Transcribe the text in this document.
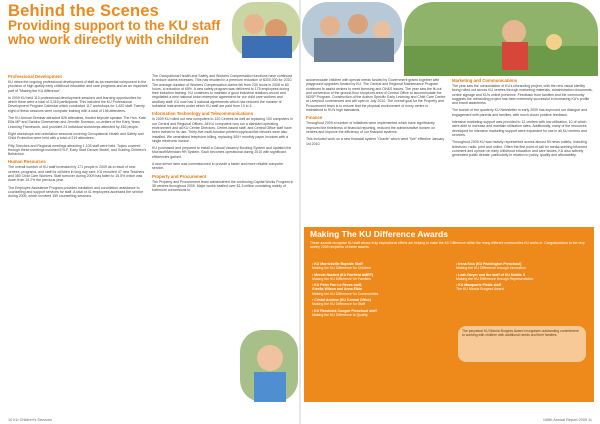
Behind the Scenes
Providing support to the KU staff
who work directly with children
Professional Development

KU views the ongoing professional development of staff as an essential component in the provision of high quality early childhood education and care programs and as an important part of "Making the KU difference".

In 2009 KU held 110 professional development sessions and learning opportunities for which there were a total of 3,315 participants. This included the KU Professional Development Program Calendar which conducted 117 workshops for 1,620 staff. Twenty eight of these sessions were computer training with a total of 196 attendees.

The KU Annual Seminar attracted 526 attendees, hosted keynote speaker The Hon. Kate Ellis MP and Sandra Cheeseman and Jennifer Sumsion, co-writers of the Early Years Learning Framework, and provided 24 individual workshops attended by 453 people.

Eight workshops and orientation sessions covering Occupational Health and Safety and Child Protection were held with a total of 219 attendees.

Fifty Directors and Regional meetings attracting 1,103 staff were held. Topics covered through these meetings included EYLF, Early Start Denver Model, and Guiding Children's Behaviour.

Human Resources

The overall number of KU staff increased by 171 people in 2009 as a result of new centres, programs, and staff for children in long day care. KU recruited 47 new Teachers and 380 Child Care Workers. Staff turnover during 2009 has fallen to 15.5% which was down from 19.2% the previous year.

The Employee Assistance Program provides mediation and conciliation assistance to counselling and support services for staff. A total of 41 employees accessed the service during 2009, which involved 159 counselling sessions.

The Occupational Health and Safety and Workers Compensation functions have continued to reduce claims excesses. This has resulted in a premium reduction of $300,000 for 2010. The average duration of Workers Compensation claims fell from 230 hours in 2008 to 80 hours, a reduction of 65%. A new safety program was delivered to 175 employees during their induction training. KU continues to maintain a good industrial relations record and negotiated a new national union enterprise agreement for our child care workers and ancillary staff. KU now has 3 national agreements which has reduced the number of industrial instruments under which KU staff are paid from 13 to 4.

Information Technology and Telecommunications

In 2009 KU rolled out new computers to 120 Centres as well as replacing 100 computers in our Central and Regional Offices. All KU computers now run a standard operating environment and all KU Centre Directors, Centre-based staff, and Central Office staff have been trained in its use. Thirty-five multi-function printer/copy/scan/fax devices were also installed. We centralised telephone billing, replacing 300+ monthly paper invoices with a single electronic invoice.

KU purchased and prepared to install a Casual Vacancy Booking System and updated the Microsoft/Meridian HR System. Each becomes operational during 2010 with significant efficiencies gained.

A new server farm was commissioned to provide a faster and more reliable computer service.

Property and Procurement

The Property and Procurement team administered the continuing Capital Works Program in 38 centres throughout 2009. Major works totalled over $1.3 million consisting mainly of bathroom conversions to

accommodate children with special needs funded by Government grants together with playground upgrades funded by KU. The Central and Regional Maintenance Program continues to assist centres to meet licensing and OH&S issues. The year saw the fit-out and conversion of the ground floor shopfront area of Central Office to accommodate the NDSP Program. Construction of the Autism Specific Early Learning and Child Care Centre at Liverpool commenced and will open in July 2010. The overall goal for the Property and Procurement team is to ensure that the physical environment of every centre is maintained to KU's high standards.

Finance

Throughout 2009 a number of initiatives were implemented which have significantly improved the timeliness of financial reporting, reduced the administrative burden on centres and improve the efficiency of our financial systems.

This included work on a new financial system "Oracle" which went "live" effective January 1st 2010.

Marketing and Communications

The year saw the consolidation of KU's rebranding project, with the new visual identity being rolled out across KU centres through marketing materials, administration documents, centre signage and KU's online presence. Feedback from families and the community suggests the rebranding project has been extremely successful in increasing KU's profile and brand awareness.

The launch of the quarterly KU Newsletter in early 2009 has improved our dialogue and engagement with parents and families, with much closer positive feedback.

Intensive marketing support was provided to 12 centres with low utilisation, 10 of which were able to increase and maintain utilisation rates. Additionally, many of the resources developed for intensive marketing support were expanded for use in all KU centres and services.

Throughout 2009 KU was heavily represented across almost 50 news outlets, including television, radio, print and online. Often the first point of call for media seeking informed comment and opinion on early childhood education and care issues, KU also actively generated public debate, particularly in relation to policy, quality and affordability.

Making The KU Difference Awards
These awards recognise KU staff whose truly inspirational efforts are helping to make the KU Difference within the many different communities KU works in. Congratulations to the very worthy 2009 recipients of these awards.
• KU Marrickville Bayside Staff
Making the KU Difference for Children
• Mervat Nashed (KU Fairfield AMEP)
Making the KU Difference for Families
• KU Peter Pan Le Reves staff,
Gisella Wilson and Anna Elkin
Making the KU Difference for Communities
• Cristal Andrew (KU Central Office)
Making the KU Difference for Staff
• KU Randwick Coogee Preschool staff
Making the KU Difference to Quality
• Irena Kiss (KU Paddington Preschool)
Making the KU Difference through Innovation
• Leah Dwyer and the staff of KU Mobile 3
Making the KU Difference through Representation
• KU Macquarie Fields staff
The KU Marcia Burgess Award
The perpetual KU Marcia Burgess Award recognises outstanding commitment to working with children with additional needs and their families.
10 KU Children's Services	106th Annual Report 2009 11
